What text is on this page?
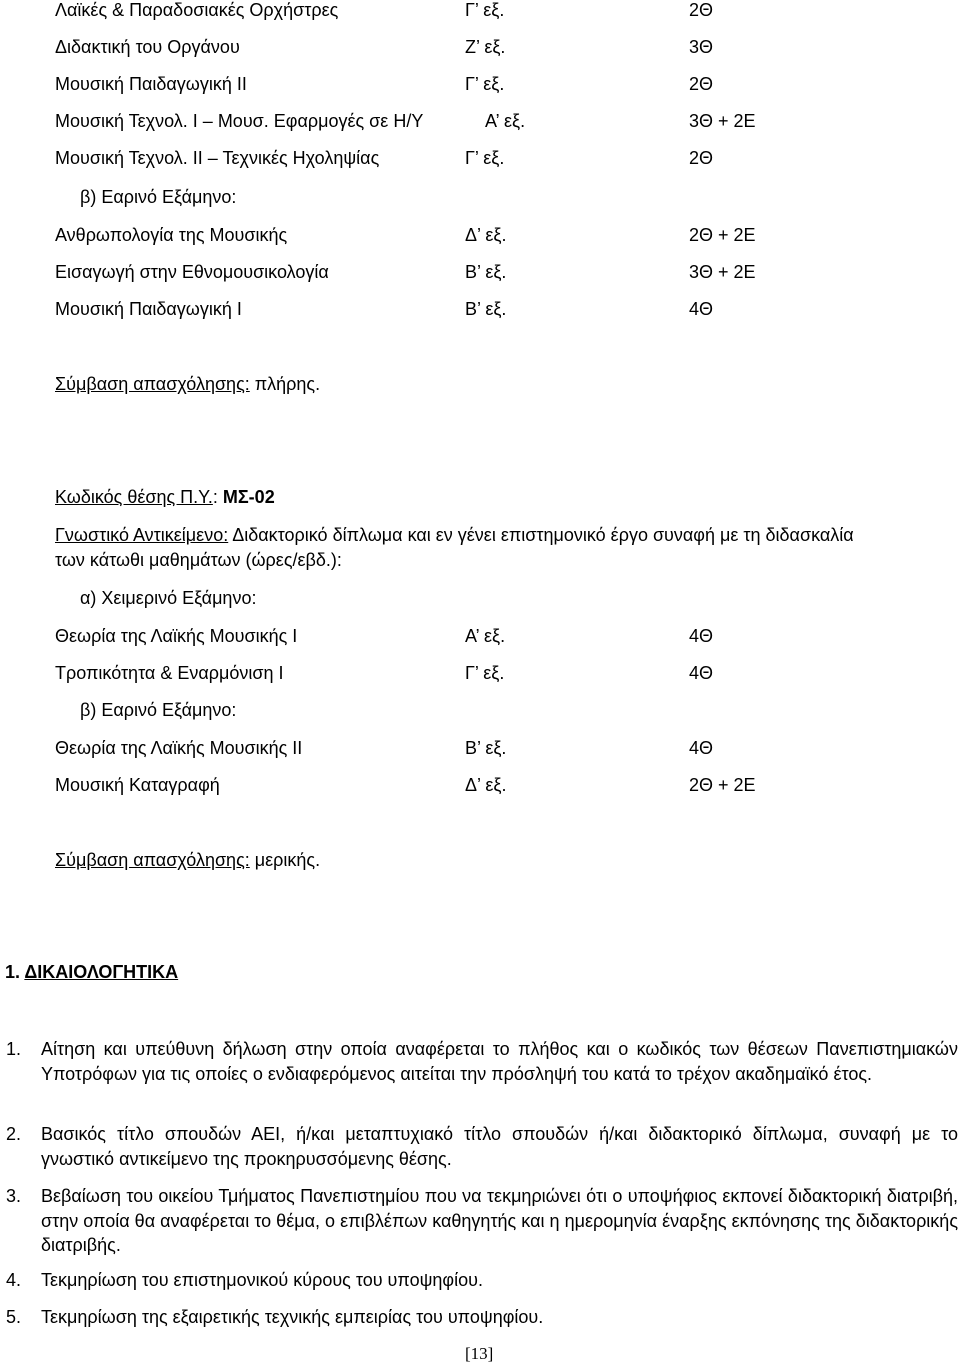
Λαϊκές & Παραδοσιακές Ορχήστρες	Γ’ εξ.	2Θ
Διδακτική του Οργάνου	Ζ’ εξ.	3Θ
Μουσική Παιδαγωγική ΙΙ	Γ’ εξ.	2Θ
Μουσική Τεχνολ. Ι – Μουσ. Εφαρμογές σε Η/Υ	Α’ εξ.	3Θ + 2Ε
Μουσική Τεχνολ. ΙΙ – Τεχνικές Ηχοληψίας	Γ’ εξ.	2Θ
β) Εαρινό Εξάμηνο:
Ανθρωπολογία της Μουσικής	Δ’ εξ.	2Θ + 2Ε
Εισαγωγή στην Εθνομουσικολογία	Β’ εξ.	3Θ + 2Ε
Μουσική Παιδαγωγική Ι	Β’ εξ.	4Θ
Σύμβαση απασχόλησης: πλήρης.
Κωδικός θέσης Π.Υ.: ΜΣ-02
Γνωστικό Αντικείμενο: Διδακτορικό δίπλωμα και εν γένει επιστημονικό έργο συναφή με τη διδασκαλία
των κάτωθι μαθημάτων (ώρες/εβδ.):
α) Χειμερινό Εξάμηνο:
Θεωρία της Λαϊκής Μουσικής Ι	Α’ εξ.	4Θ
Τροπικότητα & Εναρμόνιση Ι	Γ’ εξ.	4Θ
β) Εαρινό Εξάμηνο:
Θεωρία της Λαϊκής Μουσικής ΙΙ	Β’ εξ.	4Θ
Μουσική Καταγραφή	Δ’ εξ.	2Θ + 2Ε
Σύμβαση απασχόλησης: μερικής.
1. ΔΙΚΑΙΟΛΟΓΗΤΙΚΑ
1. Αίτηση και υπεύθυνη δήλωση στην οποία αναφέρεται το πλήθος και ο κωδικός των θέσεων Πανεπιστημιακών Υποτρόφων για τις οποίες ο ενδιαφερόμενος αιτείται την πρόσληψή του κατά το τρέχον ακαδημαϊκό έτος.
2. Βασικός τίτλο σπουδών ΑΕΙ, ή/και μεταπτυχιακό τίτλο σπουδών ή/και διδακτορικό δίπλωμα, συναφή με το γνωστικό αντικείμενο της προκηρυσσόμενης θέσης.
3. Βεβαίωση του οικείου Τμήματος Πανεπιστημίου που να τεκμηριώνει ότι ο υποψήφιος εκπονεί διδακτορική διατριβή, στην οποία θα αναφέρεται το θέμα, ο επιβλέπων καθηγητής και η ημερομηνία έναρξης εκπόνησης της διδακτορικής διατριβής.
4. Τεκμηρίωση του επιστημονικού κύρους του υποψηφίου.
5. Τεκμηρίωση της εξαιρετικής τεχνικής εμπειρίας του υποψηφίου.
[13]
